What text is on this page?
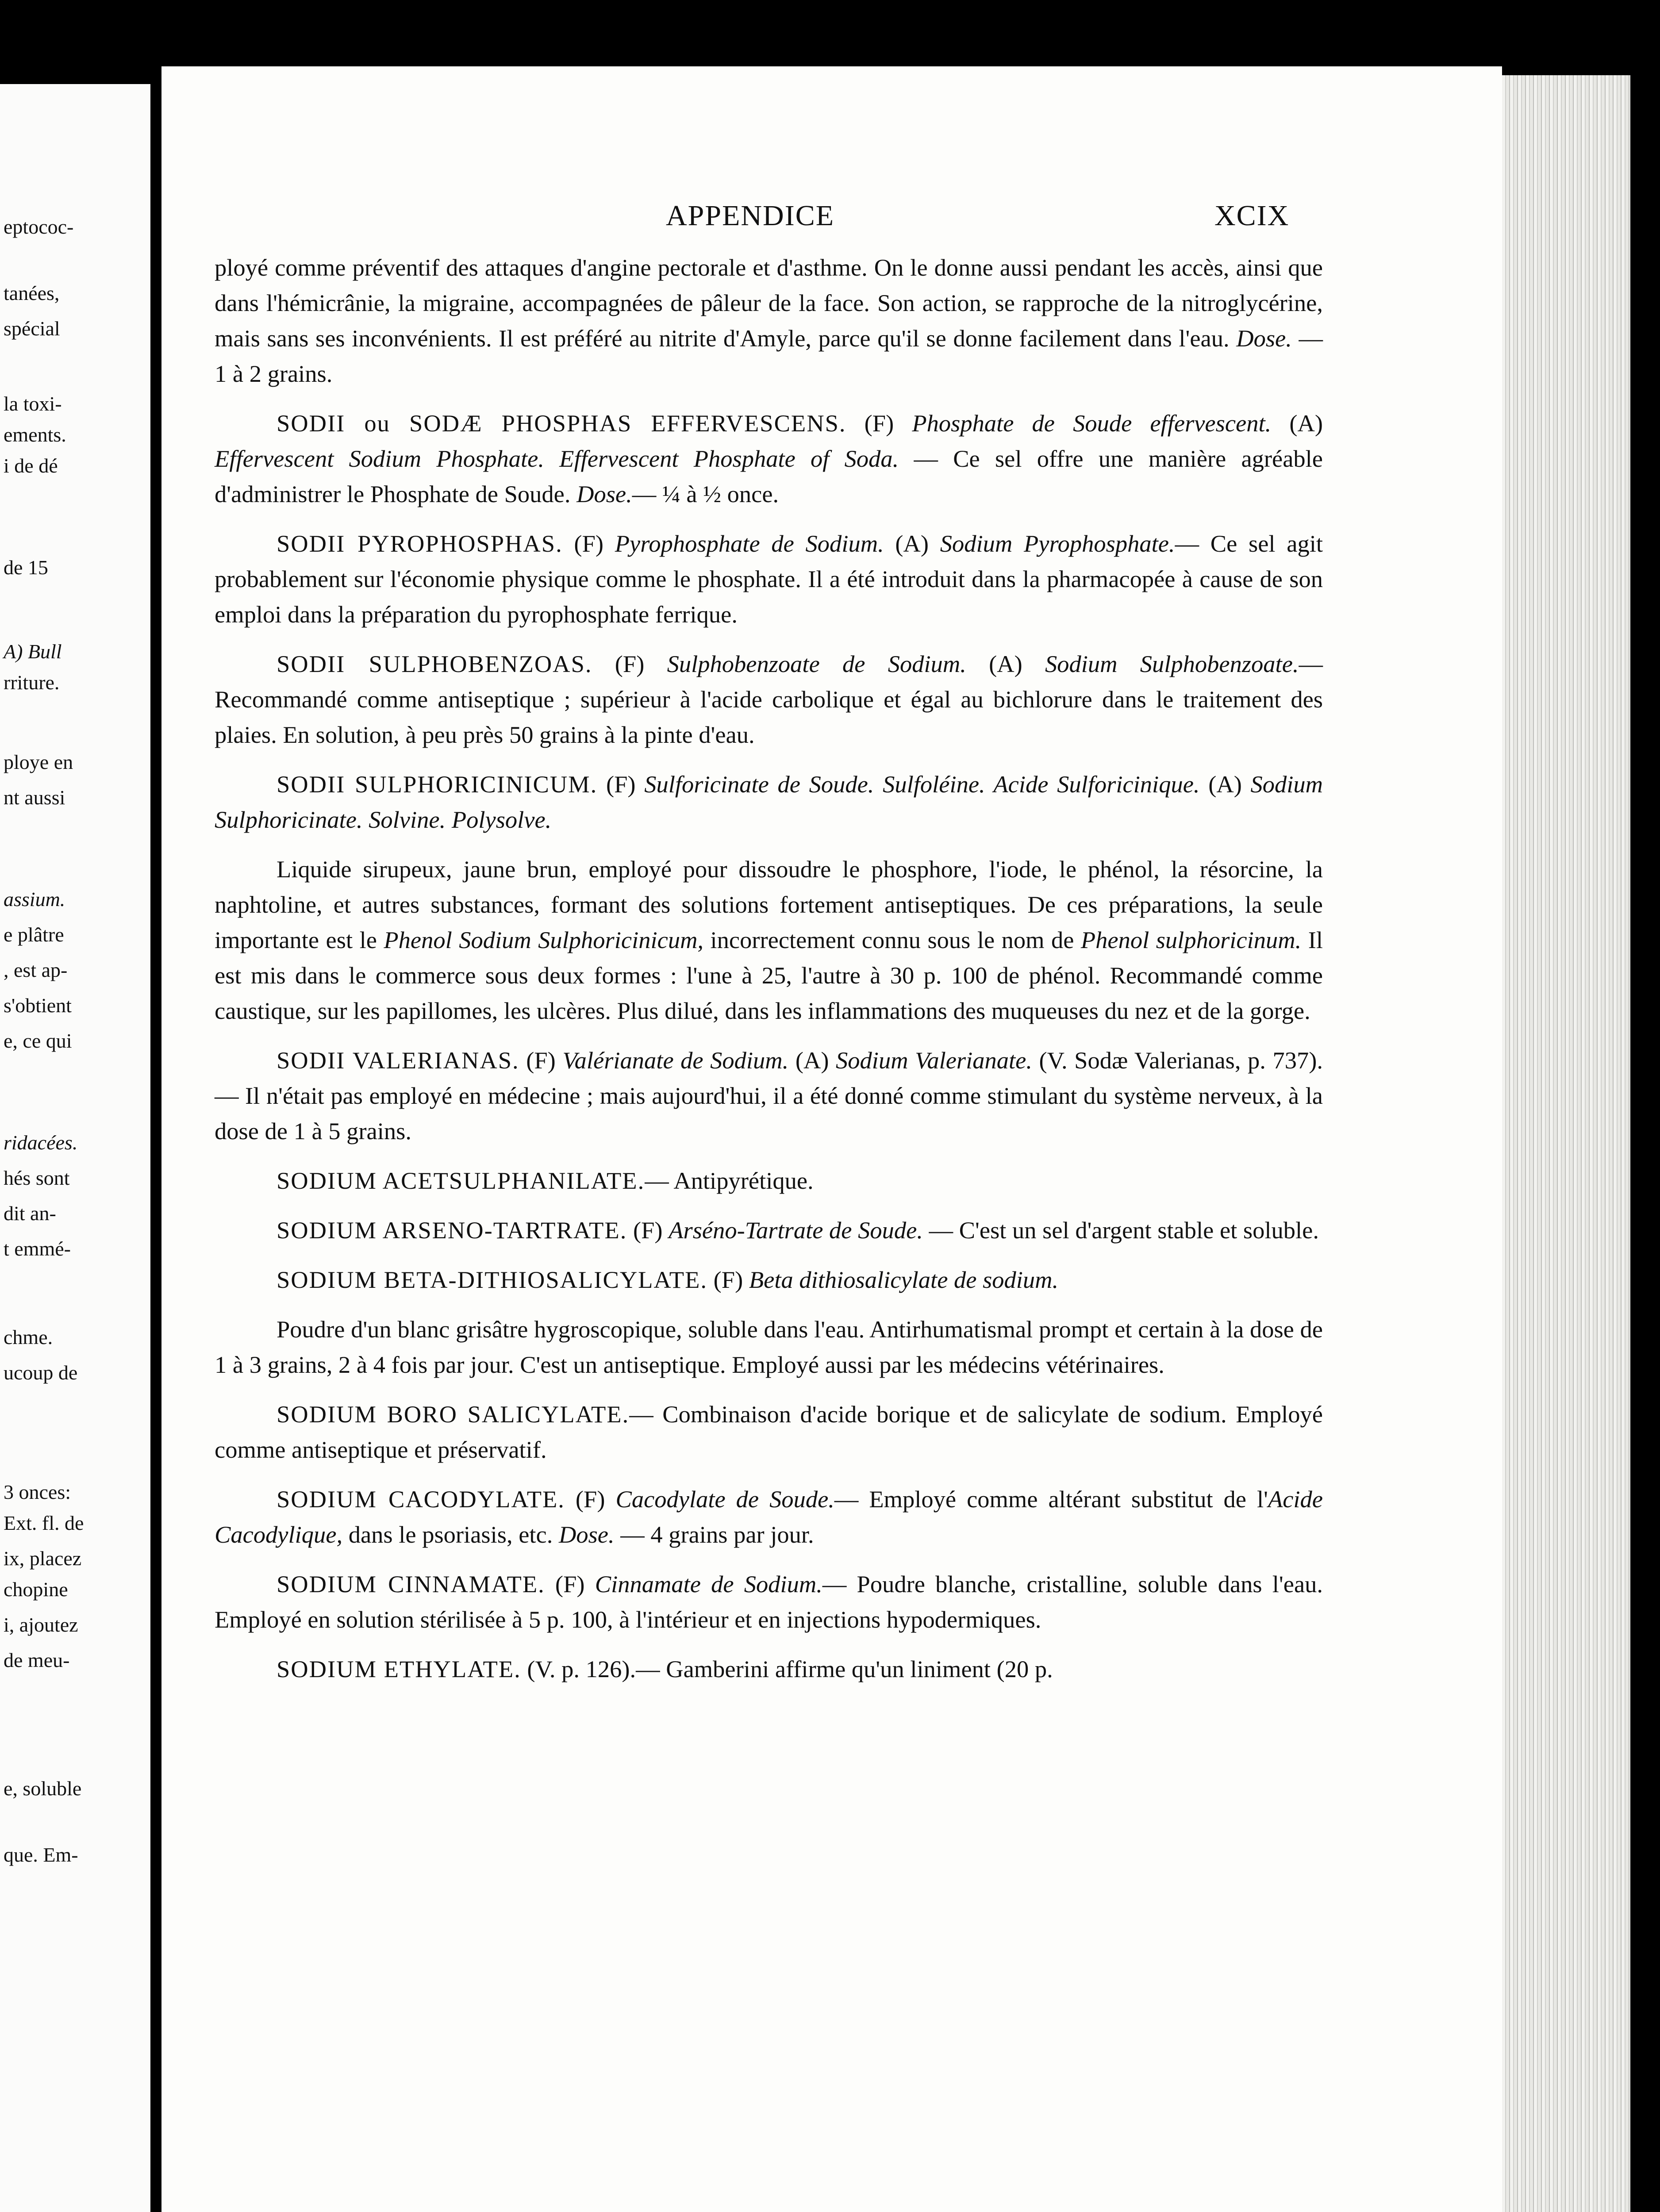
eptococ-
tanées,
spécial
la toxi-
ements.
i de dé
de 15
A) Bull
rriture.
ploye en
nt aussi
assium.
e plâtre
, est ap-
s'obtient
e, ce qui
ridacées.
hés sont
dit an-
t emmé-
chme.
ucoup de
3 onces:
Ext. fl. de
ix, placez
chopine
i, ajoutez
de meu-
e, soluble
que. Em-
APPENDICE	XCIX

ployé comme préventif des attaques d'angine pectorale et d'asthme. On le donne aussi pendant les accès, ainsi que dans l'hémicrânie, la migraine, accompagnées de pâleur de la face. Son action, se rapproche de la nitroglycérine, mais sans ses inconvénients. Il est préféré au nitrite d'Amyle, parce qu'il se donne facilement dans l'eau. Dose. — 1 à 2 grains.

SODII ou SODÆ PHOSPHAS EFFERVESCENS. (F) Phosphate de Soude effervescent. (A) Effervescent Sodium Phosphate. Effervescent Phosphate of Soda. — Ce sel offre une manière agréable d'administrer le Phosphate de Soude. Dose.— ¼ à ½ once.

SODII PYROPHOSPHAS. (F) Pyrophosphate de Sodium. (A) Sodium Pyrophosphate.— Ce sel agit probablement sur l'économie physique comme le phosphate. Il a été introduit dans la pharmacopée à cause de son emploi dans la préparation du pyrophosphate ferrique.

SODII SULPHOBENZOAS. (F) Sulphobenzoate de Sodium. (A) Sodium Sulphobenzoate.— Recommandé comme antiseptique ; supérieur à l'acide carbolique et égal au bichlorure dans le traitement des plaies. En solution, à peu près 50 grains à la pinte d'eau.

SODII SULPHORICINICUM. (F) Sulforicinate de Soude. Sulfoléine. Acide Sulforicinique. (A) Sodium Sulphoricinate. Solvine. Polysolve.

Liquide sirupeux, jaune brun, employé pour dissoudre le phosphore, l'iode, le phénol, la résorcine, la naphtoline, et autres substances, formant des solutions fortement antiseptiques. De ces préparations, la seule importante est le Phenol Sodium Sulphoricinicum, incorrectement connu sous le nom de Phenol sulphoricinum. Il est mis dans le commerce sous deux formes : l'une à 25, l'autre à 30 p. 100 de phénol. Recommandé comme caustique, sur les papillomes, les ulcères. Plus dilué, dans les inflammations des muqueuses du nez et de la gorge.

SODII VALERIANAS. (F) Valérianate de Sodium. (A) Sodium Valerianate. (V. Sodæ Valerianas, p. 737). — Il n'était pas employé en médecine ; mais aujourd'hui, il a été donné comme stimulant du système nerveux, à la dose de 1 à 5 grains.

SODIUM ACETSULPHANILATE.— Antipyrétique.

SODIUM ARSENO-TARTRATE. (F) Arséno-Tartrate de Soude. — C'est un sel d'argent stable et soluble.

SODIUM BETA-DITHIOSALICYLATE. (F) Beta dithiosalicylate de sodium.

Poudre d'un blanc grisâtre hygroscopique, soluble dans l'eau. Antirhumatismal prompt et certain à la dose de 1 à 3 grains, 2 à 4 fois par jour. C'est un antiseptique. Employé aussi par les médecins vétérinaires.

SODIUM BORO SALICYLATE.— Combinaison d'acide borique et de salicylate de sodium. Employé comme antiseptique et préservatif.

SODIUM CACODYLATE. (F) Cacodylate de Soude.— Employé comme altérant substitut de l'Acide Cacodylique, dans le psoriasis, etc. Dose. — 4 grains par jour.

SODIUM CINNAMATE. (F) Cinnamate de Sodium.— Poudre blanche, cristalline, soluble dans l'eau. Employé en solution stérilisée à 5 p. 100, à l'intérieur et en injections hypodermiques.

SODIUM ETHYLATE. (V. p. 126).— Gamberini affirme qu'un liniment (20 p.
